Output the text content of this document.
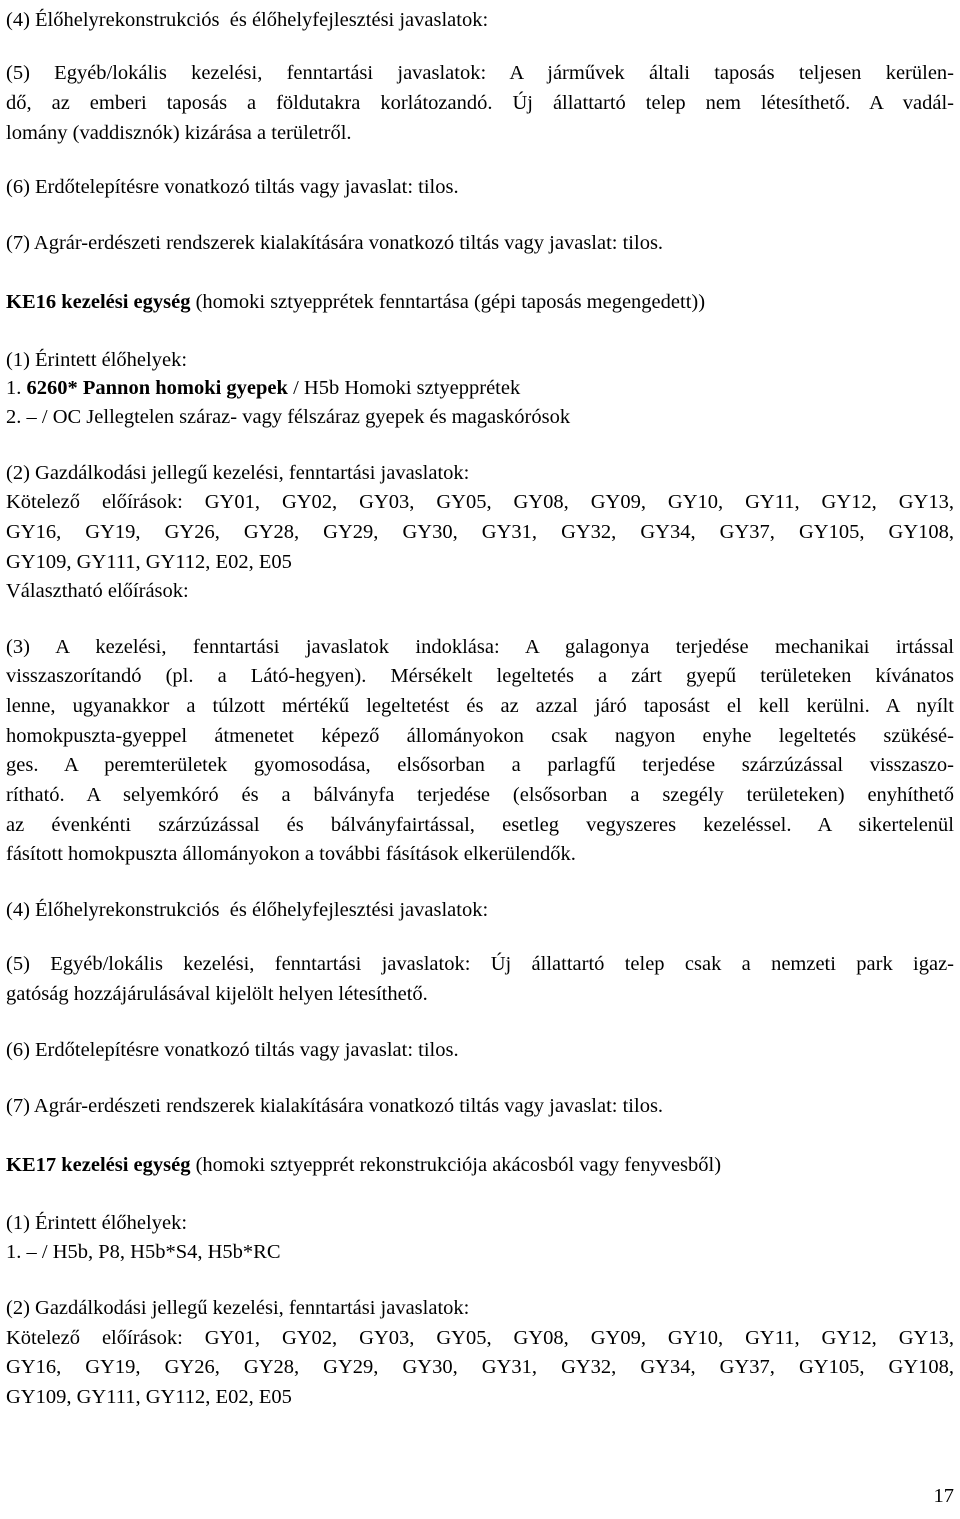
(4) Élőhelyrekonstrukciós  és élőhelyfejlesztési javaslatok:
(5) Egyéb/lokális kezelési, fenntartási javaslatok: A járművek általi taposás teljesen kerülen-
dő, az emberi taposás a földutakra korlátozandó. Új állattartó telep nem létesíthető. A vadál-
lomány (vaddisznók) kizárása a területről.
(6) Erdőtelepítésre vonatkozó tiltás vagy javaslat: tilos.
(7) Agrár-erdészeti rendszerek kialakítására vonatkozó tiltás vagy javaslat: tilos.
KE16 kezelési egység (homoki sztyepprétek fenntartása (gépi taposás megengedett))
(1) Érintett élőhelyek:
1. 6260* Pannon homoki gyepek / H5b Homoki sztyepprétek
2. – / OC Jellegtelen száraz- vagy félszáraz gyepek és magaskórósok
(2) Gazdálkodási jellegű kezelési, fenntartási javaslatok:
Kötelező előírások: GY01, GY02, GY03, GY05, GY08, GY09, GY10, GY11, GY12, GY13,
GY16, GY19, GY26, GY28, GY29, GY30, GY31, GY32, GY34, GY37, GY105, GY108,
GY109, GY111, GY112, E02, E05
Választható előírások:
(3) A kezelési, fenntartási javaslatok indoklása: A galagonya terjedése mechanikai irtással
visszaszorítandó (pl. a Látó-hegyen). Mérsékelt legeltetés a zárt gyepű területeken kívánatos
lenne, ugyanakkor a túlzott mértékű legeltetést és az azzal járó taposást el kell kerülni. A nyílt
homokpuszta-gyeppel átmenetet képező állományokon csak nagyon enyhe legeltetés szükésé-
ges. A peremterületek gyomosodása, elsősorban a parlagfű terjedése szárzúzással visszaszo-
rítható. A selyemkóró és a bálványfa terjedése (elsősorban a szegély területeken) enyhíthető
az évenkénti szárzúzással és bálványfairtással, esetleg vegyszeres kezeléssel. A sikertelenül
fásított homokpuszta állományokon a további fásítások elkerülendők.
(4) Élőhelyrekonstrukciós  és élőhelyfejlesztési javaslatok:
(5) Egyéb/lokális kezelési, fenntartási javaslatok: Új állattartó telep csak a nemzeti park igaz-
gatóság hozzájárulásával kijelölt helyen létesíthető.
(6) Erdőtelepítésre vonatkozó tiltás vagy javaslat: tilos.
(7) Agrár-erdészeti rendszerek kialakítására vonatkozó tiltás vagy javaslat: tilos.
KE17 kezelési egység (homoki sztyepprét rekonstrukciója akácosból vagy fenyvesből)
(1) Érintett élőhelyek:
1. – / H5b, P8, H5b*S4, H5b*RC
(2) Gazdálkodási jellegű kezelési, fenntartási javaslatok:
Kötelező előírások: GY01, GY02, GY03, GY05, GY08, GY09, GY10, GY11, GY12, GY13,
GY16, GY19, GY26, GY28, GY29, GY30, GY31, GY32, GY34, GY37, GY105, GY108,
GY109, GY111, GY112, E02, E05
17
